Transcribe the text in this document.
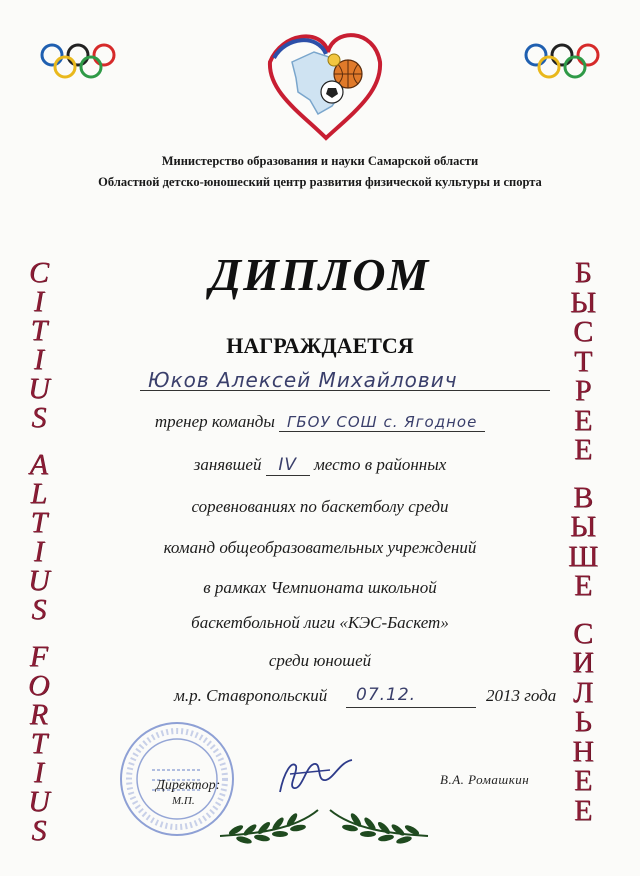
Министерство образования и науки Самарской области
Областной детско-юношеский центр развития физической культуры и спорта
ДИПЛОМ
НАГРАЖДАЕТСЯ
C
I
T
I
U
S
A
L
T
I
U
S
F
O
R
T
I
U
S
Б
Ы
С
Т
Р
Е
Е
В
Ы
Ш
Е
С
И
Л
Ь
Н
Е
Е
Юков Алексей Михайлович
тренер команды ГБОУ СОШ с. Ягодное
занявшей IV место в районных
соревнованиях по баскетболу среди
команд общеобразовательных учреждений
в рамках Чемпионата школьной
баскетбольной лиги «КЭС-Баскет»
среди юношей
м.р. Ставропольский	07.12.	2013 года
Директор:
М.П.
В.А. Ромашкин
